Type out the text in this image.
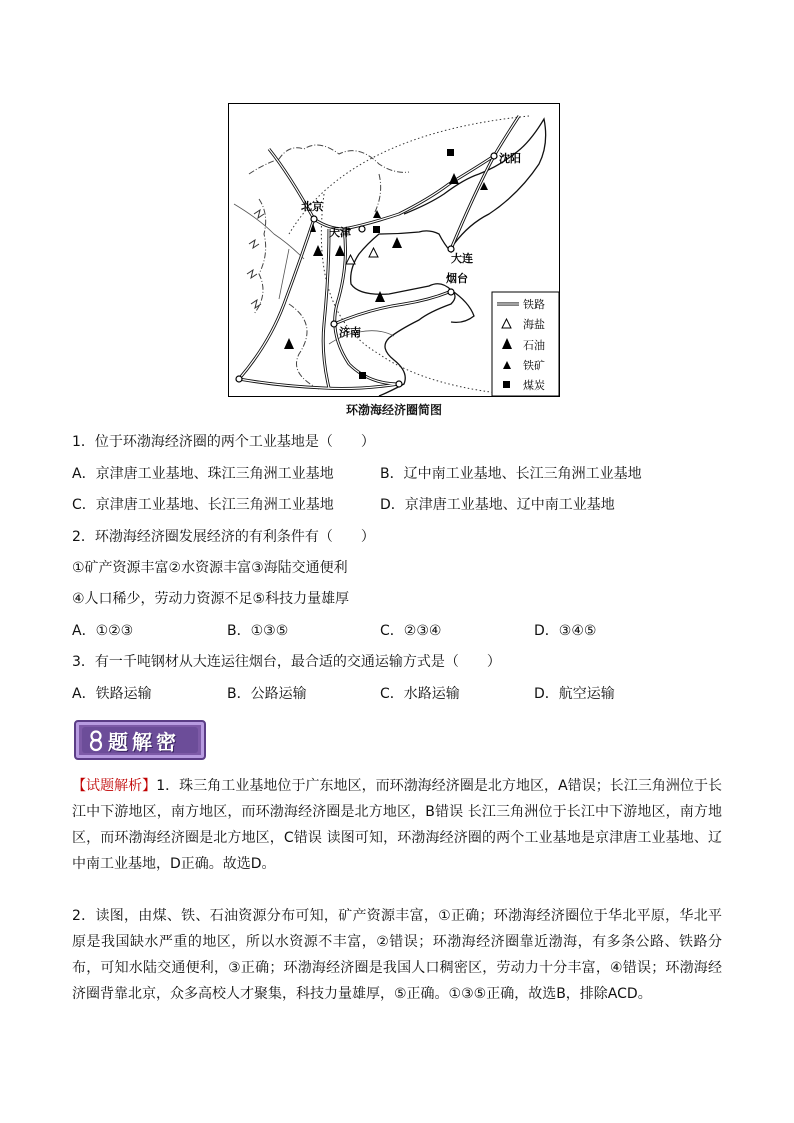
北京
天津
沈阳
大连
烟台
济南
铁路
海盐
石油
铁矿
煤炭
环渤海经济圈简图
1．位于环渤海经济圈的两个工业基地是（　　）
A．京津唐工业基地、珠江三角洲工业基地	B．辽中南工业基地、长江三角洲工业基地
C．京津唐工业基地、长江三角洲工业基地	D．京津唐工业基地、辽中南工业基地
2．环渤海经济圈发展经济的有利条件有（　　）
①矿产资源丰富②水资源丰富③海陆交通便利
④人口稀少，劳动力资源不足⑤科技力量雄厚
A．①②③	B．①③⑤	C．②③④	D．③④⑤
3．有一千吨钢材从大连运往烟台，最合适的交通运输方式是（　　）
A．铁路运输	B．公路运输	C．水路运输	D．航空运输
题解密
【试题解析】1．珠三角工业基地位于广东地区，而环渤海经济圈是北方地区，A错误；长江三角洲位于长江中下游地区，南方地区，而环渤海经济圈是北方地区，B错误 长江三角洲位于长江中下游地区，南方地区，而环渤海经济圈是北方地区，C错误 读图可知，环渤海经济圈的两个工业基地是京津唐工业基地、辽中南工业基地，D正确。故选D。
2．读图，由煤、铁、石油资源分布可知，矿产资源丰富，①正确；环渤海经济圈位于华北平原，华北平原是我国缺水严重的地区，所以水资源不丰富，②错误；环渤海经济圈靠近渤海，有多条公路、铁路分布，可知水陆交通便利，③正确；环渤海经济圈是我国人口稠密区，劳动力十分丰富，④错误；环渤海经济圈背靠北京，众多高校人才聚集，科技力量雄厚，⑤正确。①③⑤正确，故选B，排除ACD。
